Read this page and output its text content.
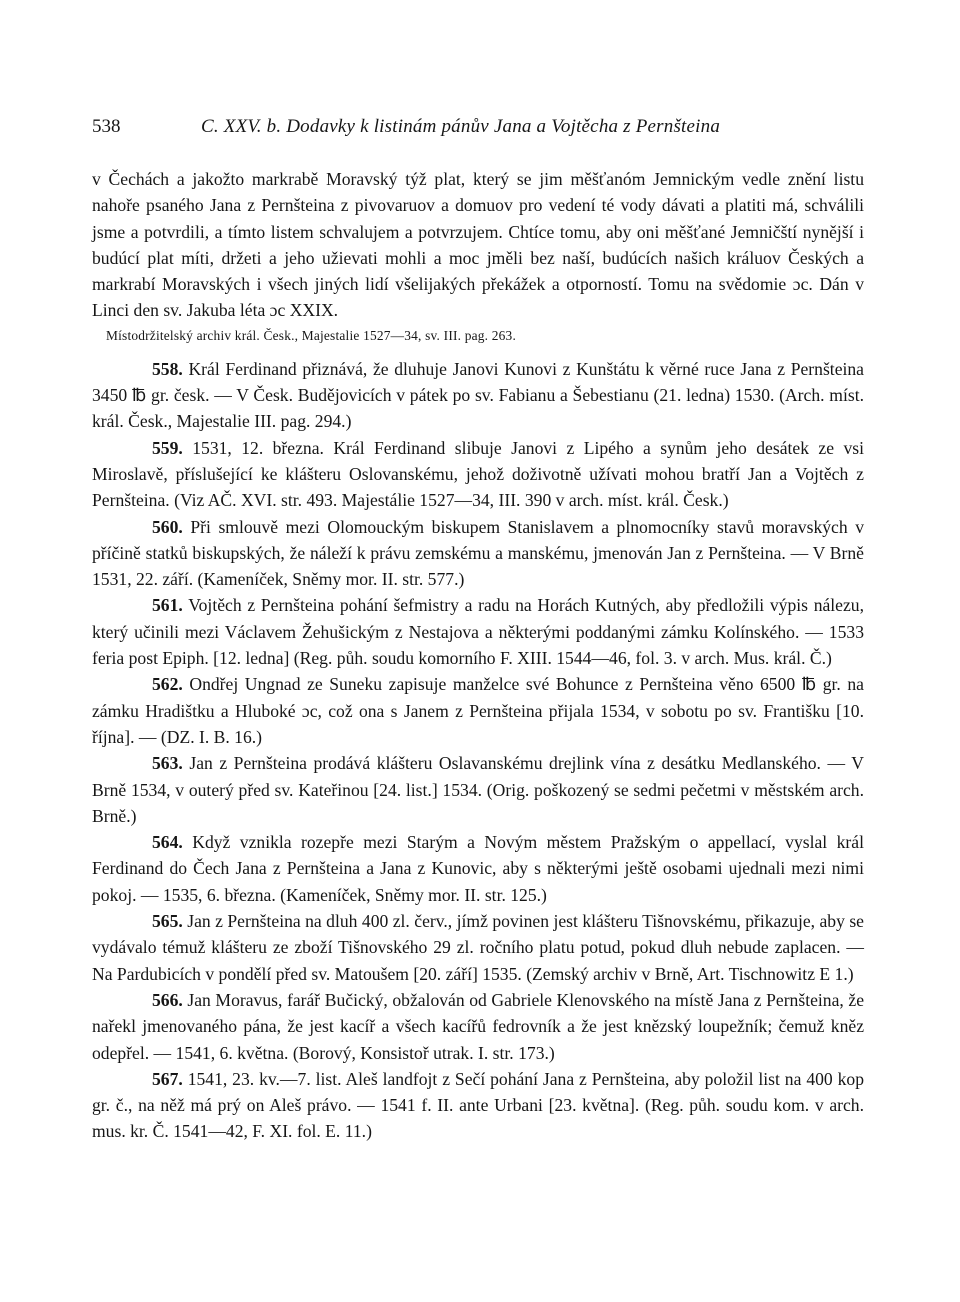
538	C. XXV. b. Dodavky k listinám pánův Jana a Vojtěcha z Pernšteina

v Čechách a jakožto markrabě Moravský týž plat, který se jim měšťanóm Jemnickým vedle znění listu nahoře psaného Jana z Pernšteina z pivovaruov a domuov pro vedení té vody dávati a platiti má, schválili jsme a potvrdili, a tímto listem schvalujem a potvrzujem. Chtíce tomu, aby oni měšťané Jemničští nynější i budúcí plat míti, držeti a jeho užievati mohli a moc jměli bez naší, budúcích našich králuov Českých a markrabí Moravských i všech jiných lidí všelijakých překážek a otporností. Tomu na svědomie ɔc. Dán v Linci den sv. Jakuba léta ɔc XXIX.

Místodržitelský archiv král. Česk., Majestalie 1527—34, sv. III. pag. 263.

558. Král Ferdinand přiznává, že dluhuje Janovi Kunovi z Kunštátu k věrné ruce Jana z Pernšteina 3450 ℔ gr. česk. — V Česk. Budějovicích v pátek po sv. Fabianu a Šebestianu (21. ledna) 1530. (Arch. míst. král. Česk., Majestalie III. pag. 294.)

559. 1531, 12. března. Král Ferdinand slibuje Janovi z Lipého a synům jeho desátek ze vsi Miroslavě, příslušející ke klášteru Oslovanskému, jehož doživotně užívati mohou bratří Jan a Vojtěch z Pernšteina. (Viz AČ. XVI. str. 493. Majestálie 1527—34, III. 390 v arch. míst. král. Česk.)

560. Při smlouvě mezi Olomouckým biskupem Stanislavem a plnomocníky stavů moravských v příčině statků biskupských, že náleží k právu zemskému a manskému, jmenován Jan z Pernšteina. — V Brně 1531, 22. září. (Kameníček, Sněmy mor. II. str. 577.)

561. Vojtěch z Pernšteina pohání šefmistry a radu na Horách Kutných, aby předložili výpis nálezu, který učinili mezi Václavem Žehušickým z Nestajova a některými poddanými zámku Kolínského. — 1533 feria post Epiph. [12. ledna] (Reg. půh. soudu komorního F. XIII. 1544—46, fol. 3. v arch. Mus. král. Č.)

562. Ondřej Ungnad ze Suneku zapisuje manželce své Bohunce z Pernšteina věno 6500 ℔ gr. na zámku Hradištku a Hluboké ɔc, což ona s Janem z Pernšteina přijala 1534, v sobotu po sv. Františku [10. října]. — (DZ. I. B. 16.)

563. Jan z Pernšteina prodává klášteru Oslavanskému drejlink vína z desátku Medlanského. — V Brně 1534, v outerý před sv. Kateřinou [24. list.] 1534. (Orig. poškozený se sedmi pečetmi v městském arch. Brně.)

564. Když vznikla rozepře mezi Starým a Novým městem Pražským o appellací, vyslal král Ferdinand do Čech Jana z Pernšteina a Jana z Kunovic, aby s některými ještě osobami ujednali mezi nimi pokoj. — 1535, 6. března. (Kameníček, Sněmy mor. II. str. 125.)

565. Jan z Pernšteina na dluh 400 zl. červ., jímž povinen jest klášteru Tišnovskému, přikazuje, aby se vydávalo témuž klášteru ze zboží Tišnovského 29 zl. ročního platu potud, pokud dluh nebude zaplacen. — Na Pardubicích v pondělí před sv. Matoušem [20. září] 1535. (Zemský archiv v Brně, Art. Tischnowitz E 1.)

566. Jan Moravus, farář Bučický, obžalován od Gabriele Klenovského na místě Jana z Pernšteina, že nařekl jmenovaného pána, že jest kacíř a všech kacířů fedrovník a že jest knězský loupežník; čemuž kněz odepřel. — 1541, 6. května. (Borový, Konsistoř utrak. I. str. 173.)

567. 1541, 23. kv.—7. list. Aleš landfojt z Sečí pohání Jana z Pernšteina, aby položil list na 400 kop gr. č., na něž má prý on Aleš právo. — 1541 f. II. ante Urbani [23. května]. (Reg. půh. soudu kom. v arch. mus. kr. Č. 1541—42, F. XI. fol. E. 11.)
